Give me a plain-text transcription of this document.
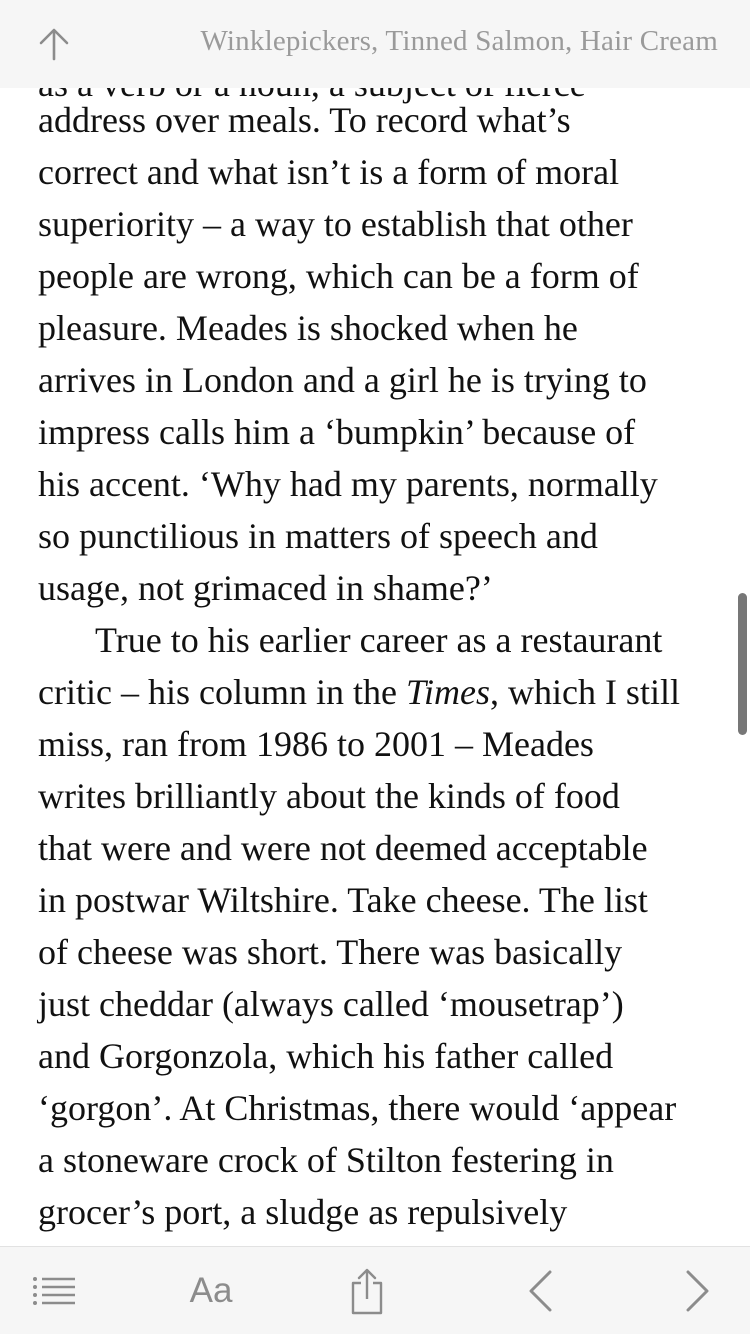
Winklepickers, Tinned Salmon, Hair Cream
address over meals. To record what’s
correct and what isn’t is a form of moral
superiority – a way to establish that other
people are wrong, which can be a form of
pleasure. Meades is shocked when he
arrives in London and a girl he is trying to
impress calls him a ‘bumpkin’ because of
his accent. ‘Why had my parents, normally
so punctilious in matters of speech and
usage, not grimaced in shame?’
True to his earlier career as a restaurant
critic – his column in the Times, which I still
miss, ran from 1986 to 2001 – Meades
writes brilliantly about the kinds of food
that were and were not deemed acceptable
in postwar Wiltshire. Take cheese. The list
of cheese was short. There was basically
just cheddar (always called ‘mousetrap’)
and Gorgonzola, which his father called
‘gorgon’. At Christmas, there would ‘appear
a stoneware crock of Stilton festering in
grocer’s port, a sludge as repulsively
Aa
